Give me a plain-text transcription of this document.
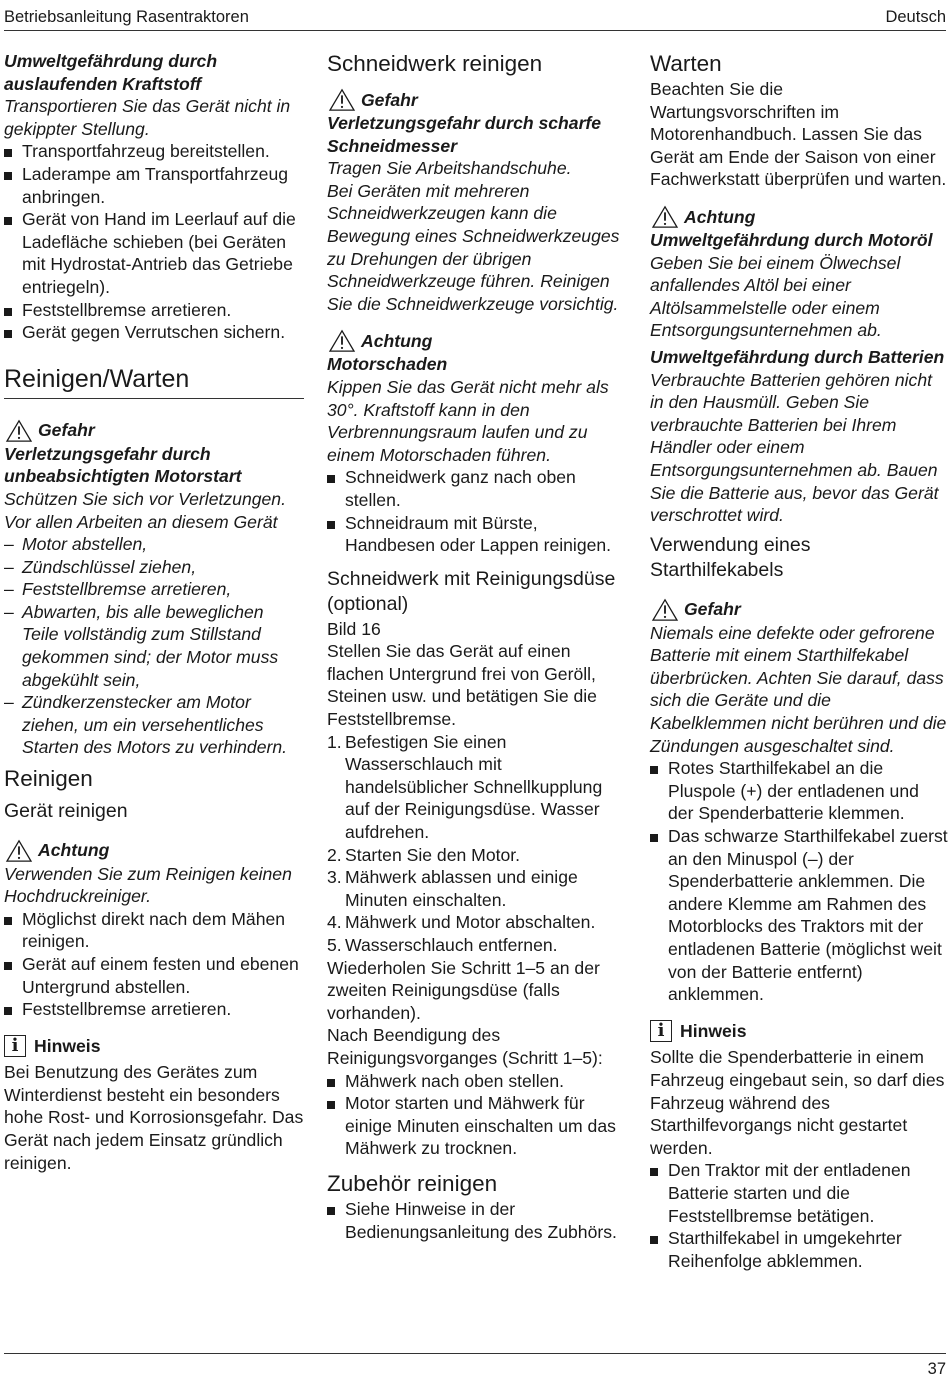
Betriebsanleitung Rasentraktoren	Deutsch

Umweltgefährdung durch auslaufenden Kraftstoff

Transportieren Sie das Gerät nicht in gekippter Stellung.

Transportfahrzeug bereitstellen.
Laderampe am Transportfahrzeug anbringen.
Gerät von Hand im Leerlauf auf die Ladefläche schieben (bei Geräten mit Hydrostat-Antrieb das Getriebe entriegeln).
Feststellbremse arretieren.
Gerät gegen Verrutschen sichern.

Reinigen/Warten

Gefahr

Verletzungsgefahr durch unbeabsichtigten Motorstart

Schützen Sie sich vor Verletzungen. Vor allen Arbeiten an diesem Gerät

– Motor abstellen,
– Zündschlüssel ziehen,
– Feststellbremse arretieren,
– Abwarten, bis alle beweglichen Teile vollständig zum Stillstand gekommen sind; der Motor muss abgekühlt sein,
– Zündkerzenstecker am Motor ziehen, um ein versehentliches Starten des Motors zu verhindern.

Reinigen

Gerät reinigen

Achtung

Verwenden Sie zum Reinigen keinen Hochdruckreiniger.

Möglichst direkt nach dem Mähen reinigen.
Gerät auf einem festen und ebenen Untergrund abstellen.
Feststellbremse arretieren.
i Hinweis

Bei Benutzung des Gerätes zum Winterdienst besteht ein besonders hohe Rost- und Korrosionsgefahr. Das Gerät nach jedem Einsatz gründlich reinigen.

Schneidwerk reinigen

Gefahr

Verletzungsgefahr durch scharfe Schneidmesser

Tragen Sie Arbeitshandschuhe.

Bei Geräten mit mehreren Schneidwerkzeugen kann die Bewegung eines Schneidwerkzeuges zu Drehungen der übrigen Schneidwerkzeuge führen. Reinigen Sie die Schneidwerkzeuge vorsichtig.

Achtung

Motorschaden

Kippen Sie das Gerät nicht mehr als 30°. Kraftstoff kann in den Verbrennungsraum laufen und zu einem Motorschaden führen.

Schneidwerk ganz nach oben stellen.
Schneidraum mit Bürste, Handbesen oder Lappen reinigen.

Schneidwerk mit Reinigungsdüse (optional)

Bild 16

Stellen Sie das Gerät auf einen flachen Untergrund frei von Geröll, Steinen usw. und betätigen Sie die Feststellbremse.

1. Befestigen Sie einen Wasserschlauch mit handelsüblicher Schnellkupplung auf der Reinigungsdüse. Wasser aufdrehen.
2. Starten Sie den Motor.
3. Mähwerk ablassen und einige Minuten einschalten.
4. Mähwerk und Motor abschalten.
5. Wasserschlauch entfernen.

Wiederholen Sie Schritt 1–5 an der zweiten Reinigungsdüse (falls vorhanden).

Nach Beendigung des Reinigungsvorganges (Schritt 1–5):

Mähwerk nach oben stellen.
Motor starten und Mähwerk für einige Minuten einschalten um das Mähwerk zu trocknen.

Zubehör reinigen

Siehe Hinweise in der Bedienungsanleitung des Zubhörs.

Warten

Beachten Sie die Wartungsvorschriften im Motorenhandbuch. Lassen Sie das Gerät am Ende der Saison von einer Fachwerkstatt überprüfen und warten.

Achtung

Umweltgefährdung durch Motoröl

Geben Sie bei einem Ölwechsel anfallendes Altöl bei einer Altölsammelstelle oder einem Entsorgungsunternehmen ab.

Umweltgefährdung durch Batterien

Verbrauchte Batterien gehören nicht in den Hausmüll. Geben Sie verbrauchte Batterien bei Ihrem Händler oder einem Entsorgungsunternehmen ab. Bauen Sie die Batterie aus, bevor das Gerät verschrottet wird.

Verwendung eines Starthilfekabels

Gefahr

Niemals eine defekte oder gefrorene Batterie mit einem Starthilfekabel überbrücken. Achten Sie darauf, dass sich die Geräte und die Kabelklemmen nicht berühren und die Zündungen ausgeschaltet sind.

Rotes Starthilfekabel an die Pluspole (+) der entladenen und der Spenderbatterie klemmen.
Das schwarze Starthilfekabel zuerst an den Minuspol (–) der Spenderbatterie anklemmen. Die andere Klemme am Rahmen des Motorblocks des Traktors mit der entladenen Batterie (möglichst weit von der Batterie entfernt) anklemmen.
i Hinweis

Sollte die Spenderbatterie in einem Fahrzeug eingebaut sein, so darf dies Fahrzeug während des Starthilfevorgangs nicht gestartet werden.

Den Traktor mit der entladenen Batterie starten und die Feststellbremse betätigen.
Starthilfekabel in umgekehrter Reihenfolge abklemmen.
37
